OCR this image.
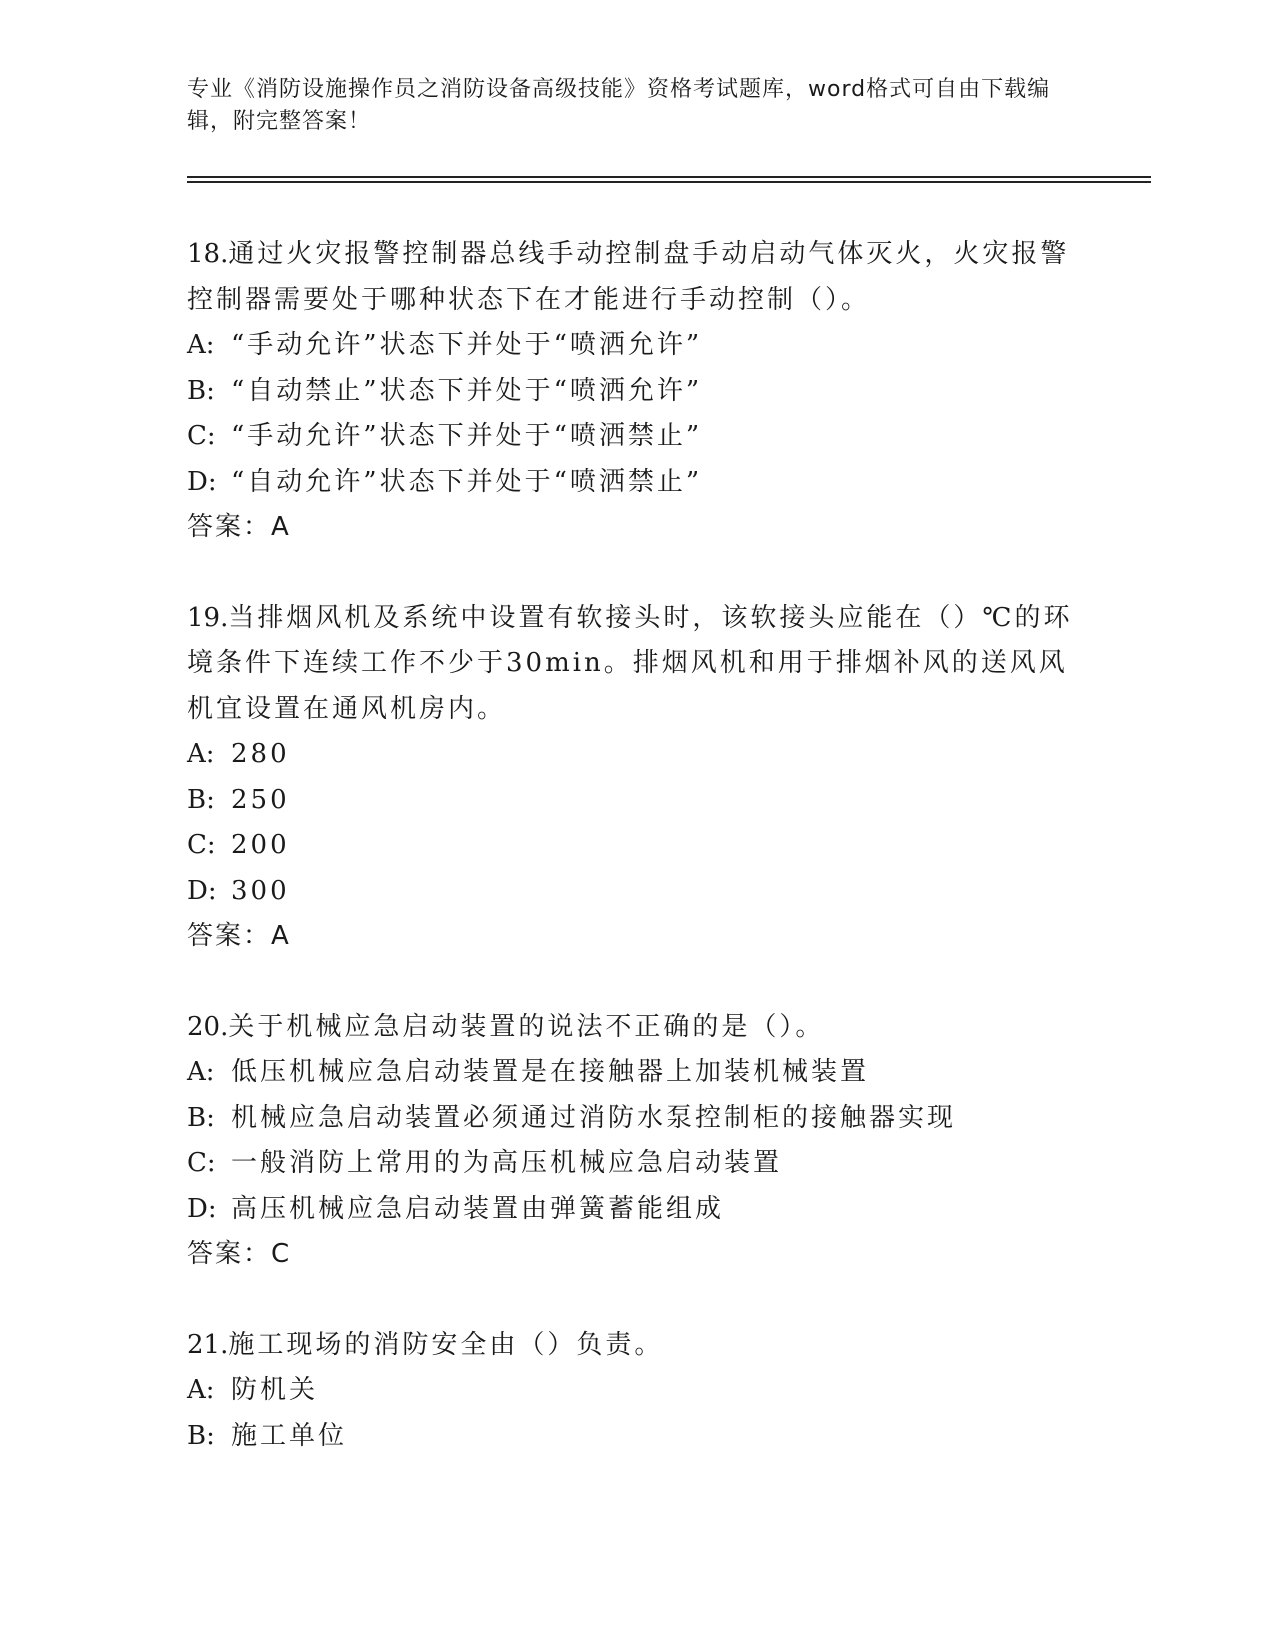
专业《消防设施操作员之消防设备高级技能》资格考试题库，word格式可自由下载编辑，附完整答案！
18.通过火灾报警控制器总线手动控制盘手动启动气体灭火，火灾报警控制器需要处于哪种状态下在才能进行手动控制（）。
A: “手动允许”状态下并处于“喷洒允许”
B: “自动禁止”状态下并处于“喷洒允许”
C: “手动允许”状态下并处于“喷洒禁止”
D: “自动允许”状态下并处于“喷洒禁止”
答案：A
19.当排烟风机及系统中设置有软接头时，该软接头应能在（）℃的环境条件下连续工作不少于30min。排烟风机和用于排烟补风的送风风机宜设置在通风机房内。
A: 280
B: 250
C: 200
D: 300
答案：A
20.关于机械应急启动装置的说法不正确的是（）。
A: 低压机械应急启动装置是在接触器上加装机械装置
B: 机械应急启动装置必须通过消防水泵控制柜的接触器实现
C: 一般消防上常用的为高压机械应急启动装置
D: 高压机械应急启动装置由弹簧蓄能组成
答案：C
21.施工现场的消防安全由（）负责。
A: 防机关
B: 施工单位
